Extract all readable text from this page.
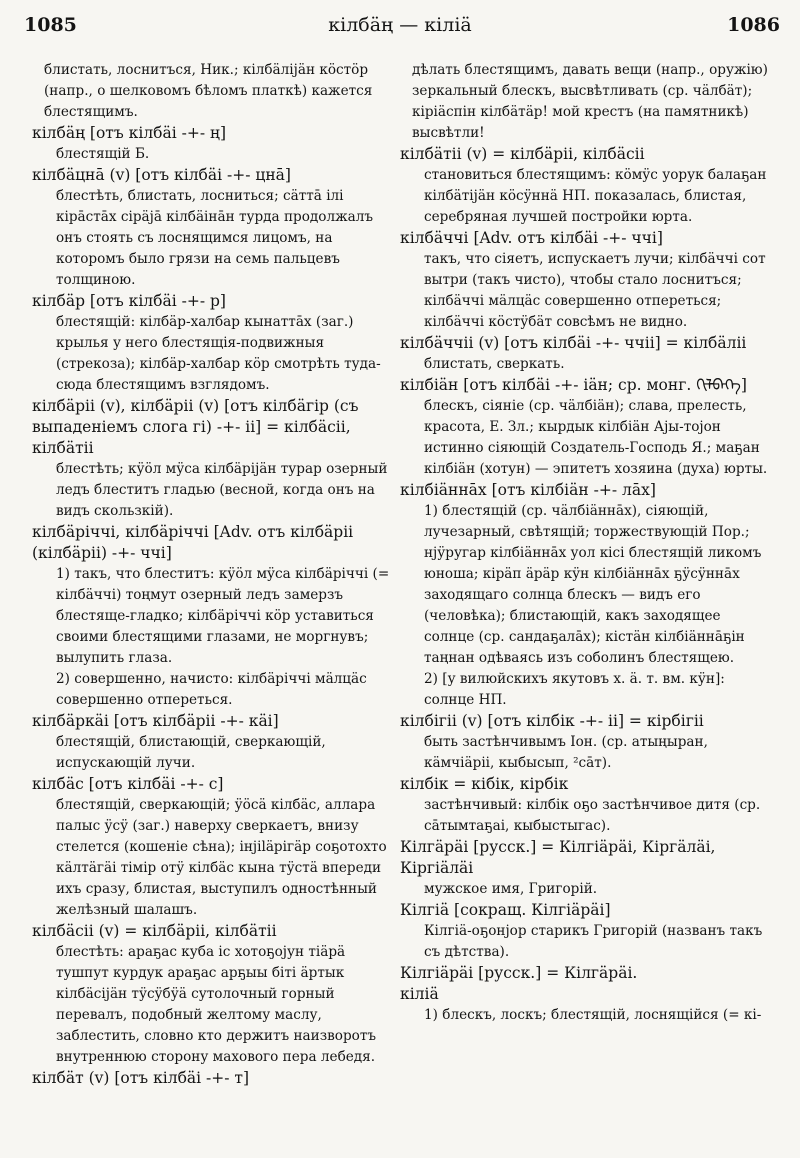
1085	кiлбäң — кiлiä	1086

блистать, лоснитъся, Ник.; кiлбäлiјäн кӧстӧр (напр., о шелковомъ бѣломъ платкѣ) кажется блестящимъ.

кiлбäң [отъ кiлбäi -+- ң]

блестящiй Б.

кiлбäцнā (v) [отъ кiлбäi -+- цнā]

блестѣть, блистать, лосниться; сäттā iлi кiрāстāх сiрäјā кiлбäiнāн турда продолжалъ онъ стоять съ лоснящимся лицомъ, на которомъ было грязи на семь пальцевъ толщиною.

кiлбäр [отъ кiлбäi -+- р]

блестящiй: кiлбäр-халбар кынаттāх (заг.) крылья у него блестящiя-подвижныя (стрекоза); кiлбäр-халбар кӧр смотрѣть туда-сюда блестящимъ взглядомъ.

кiлбäрii (v), кiлбäрii (v) [отъ кiлбäгiр (съ выпаденiемъ слога гi) -+- ii] = кiлбäсii, кiлбäтii

блестѣть; кӱӧл мӱса кiлбäрiјäн турар озерный ледъ блеститъ гладью (весной, когда онъ на видъ скользкiй).

кiлбäрiччi, кiлбäрiччi [Adv. отъ кiлбäрii (кiлбäрii) -+- ччi]

1) такъ, что блеститъ: кӱӧл мӱса кiлбäрiччi (= кiлбäччi) тоңмут озерный ледъ замерзъ блестяще-гладко; кiлбäрiччi кӧр уставиться своими блестящими глазами, не моргнувъ; вылупить глаза.

2) совершенно, начисто: кiлбäрiччi мäлцäс совершенно отпереться.

кiлбäркäi [отъ кiлбäрii -+- кäi]

блестящiй, блистающiй, сверкающiй, испускающiй лучи.

кiлбäс [отъ кiлбäi -+- с]

блестящiй, сверкающiй; ӱӧсä кiлбäс, аллара палыс ӱсӱ (заг.) наверху сверкаетъ, внизу стелется (кошенiе сѣна); iнјiläрiгäр соҕотохто кäлтäгäi тiмiр отӱ кiлбäс кына тӱстä впереди ихъ сразу, блистая, выступилъ одностѣнный желѣзный шалашъ.

кiлбäсii (v) = кiлбäрii, кiлбäтii

блестѣть: араҕас куба iс хотоҕојун тiäрä тушпут курдук араҕас арҕыы бiтi äртык кiлбäсiјäн тӱсӱбӱä сутолочный горный перевалъ, подобный желтому маслу, заблестить, словно кто держитъ наизворотъ внутреннюю сторону махового пера лебедя.

кiлбäт (v) [отъ кiлбäi -+- т]

дѣлать блестящимъ, давать вещи (напр., оружiю) зеркальный блескъ, высвѣтливать (ср. чäлбäт); кiрiäспiн кiлбäтäр! мой крестъ (на памятникѣ) высвѣтли!

кiлбäтii (v) = кiлбäрii, кiлбäсii

становиться блестящимъ: кӧмӱс уорук балаҕан кiлбäтiјäн кӧсӱннä НП. показалась, блистая, серебряная лучшей постройки юрта.

кiлбäччi [Adv. отъ кiлбäi -+- ччi]

такъ, что сiяетъ, испускаетъ лучи; кiлбäччi сот вытри (такъ чисто), чтобы стало лоснитъся; кiлбäччi мäлцäс совершенно отпереться; кiлбäччi кӧстӱбäт совсѣмъ не видно.

кiлбäччii (v) [отъ кiлбäi -+- ччii] = кiлбäлii

блистать, сверкать.

кiлбiäн [отъ кiлбäi -+- iäн; ср. монг. ᠭᠢᠯᠪᠡᠭᠡ]

блескъ, сiянiе (ср. чäлбiäн); слава, прелесть, красота, Е. Зл.; кырдык кiлбiäн Ајы-тојон истинно сiяющiй Создатель-Господь Я.; маҕан кiлбiäн (хотун) — эпитетъ хозяина (духа) юрты.

кiлбiäннāх [отъ кiлбiäн -+- лāх]

1) блестящiй (ср. чäлбiäннāх), сiяющiй, лучезарный, свѣтящiй; торжествующiй Пор.; нјӱругар кiлбiäннāх уол кiсi блестящiй ликомъ юноша; кiрäп äрäр кӱн кiлбiäннāх ҕӱсӱннāх заходящаго солнца блескъ — видъ его (человѣка); блистающiй, какъ заходящее солнце (ср. сандаҕалāх); кiстäн кiлбiäннāҕiн таңнан одѣваясь изъ соболинъ блестящею.

2) [у вилюйскихъ якутовъ х. ä. т. вм. кӱн]: солнце НП.

кiлбiгii (v) [отъ кiлбiк -+- ii] = кiрбiгii

быть застѣнчивымъ Іон. (ср. атыңыран, кäмчiäрii, кыбысып, ²сāт).

кiлбiк = кiбiк, кiрбiк

застѣнчивый: кiлбiк оҕо застѣнчивое дитя (ср. сāтымтаҕаi, кыбыстыгас).

Кiлгäрäi [русск.] = Кiлгiäрäi, Кiргäлäi, Кiргiäлäi

мужское имя, Григорiй.

Кiлгiä [сокращ. Кiлгiäрäi]

Кiлгiä-оҕонјор старикъ Григорiй (названъ такъ съ дѣтства).

Кiлгiäрäi [русск.] = Кiлгäрäi.

кiлiä

1) блескъ, лоскъ; блестящiй, лоснящiйся (= кi-
